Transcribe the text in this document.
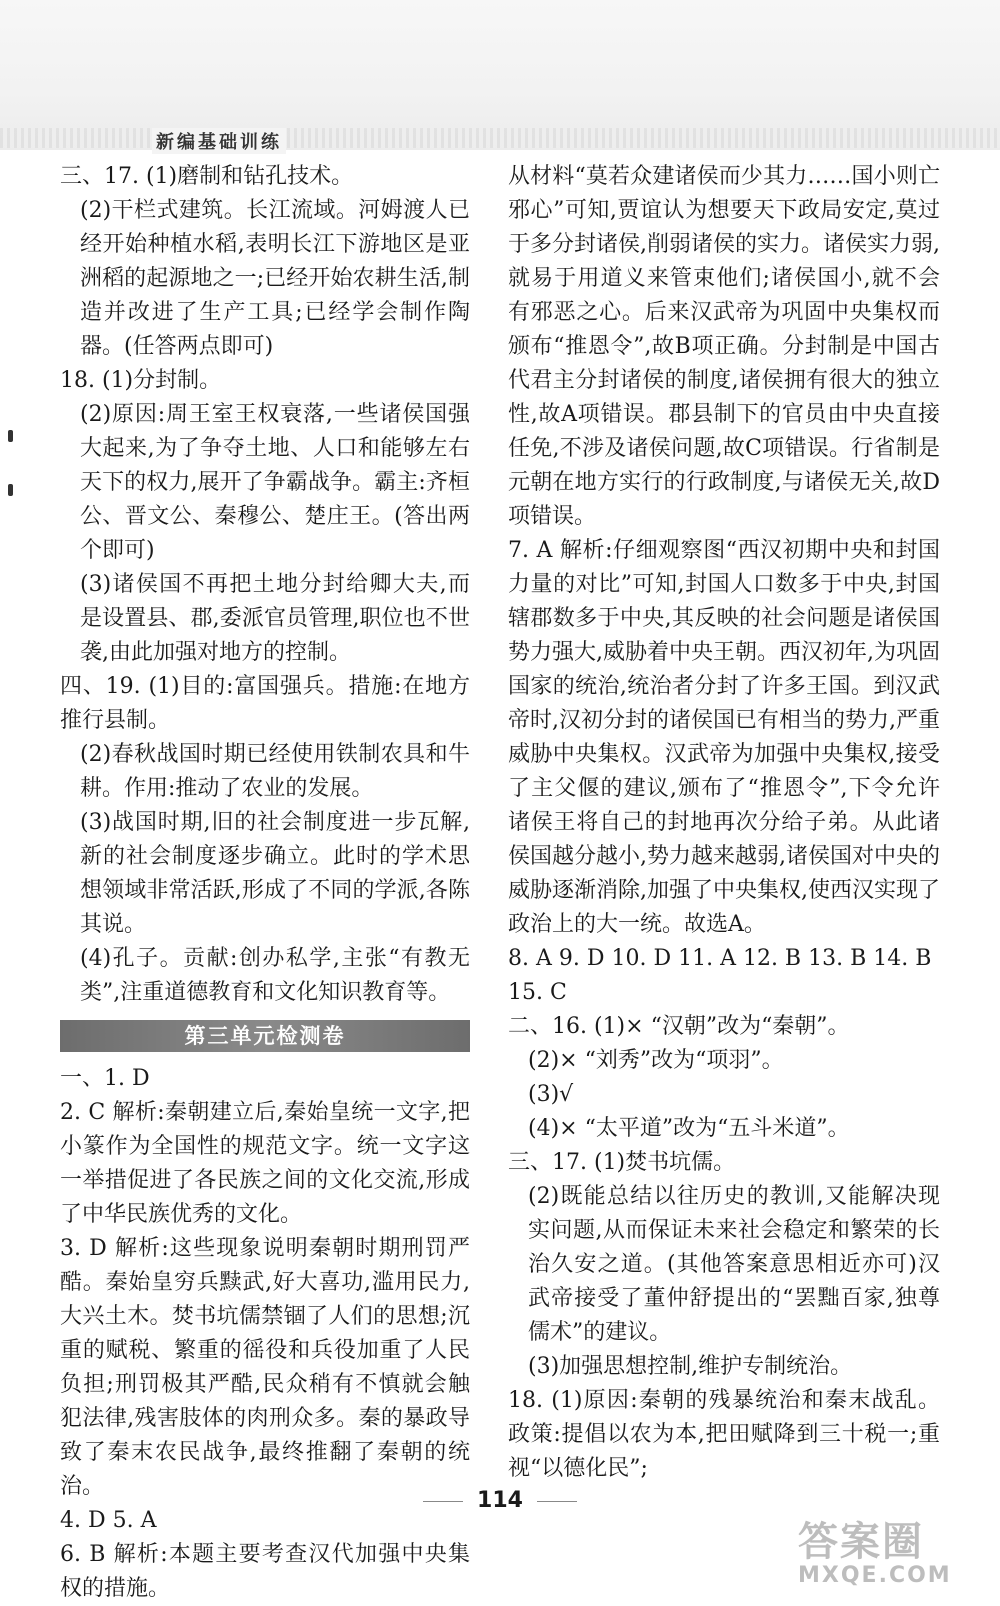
新编基础训练

三、17. (1)磨制和钻孔技术。

(2)干栏式建筑。长江流域。河姆渡人已经开始种植水稻,表明长江下游地区是亚洲稻的起源地之一;已经开始农耕生活,制造并改进了生产工具;已经学会制作陶器。(任答两点即可)

18. (1)分封制。

(2)原因:周王室王权衰落,一些诸侯国强大起来,为了争夺土地、人口和能够左右天下的权力,展开了争霸战争。霸主:齐桓公、晋文公、秦穆公、楚庄王。(答出两个即可)

(3)诸侯国不再把土地分封给卿大夫,而是设置县、郡,委派官员管理,职位也不世袭,由此加强对地方的控制。

四、19. (1)目的:富国强兵。措施:在地方推行县制。

(2)春秋战国时期已经使用铁制农具和牛耕。作用:推动了农业的发展。

(3)战国时期,旧的社会制度进一步瓦解,新的社会制度逐步确立。此时的学术思想领域非常活跃,形成了不同的学派,各陈其说。

(4)孔子。贡献:创办私学,主张“有教无类”,注重道德教育和文化知识教育等。

第三单元检测卷

一、1. D

2. C 解析:秦朝建立后,秦始皇统一文字,把小篆作为全国性的规范文字。统一文字这一举措促进了各民族之间的文化交流,形成了中华民族优秀的文化。

3. D 解析:这些现象说明秦朝时期刑罚严酷。秦始皇穷兵黩武,好大喜功,滥用民力,大兴土木。焚书坑儒禁锢了人们的思想;沉重的赋税、繁重的徭役和兵役加重了人民负担;刑罚极其严酷,民众稍有不慎就会触犯法律,残害肢体的肉刑众多。秦的暴政导致了秦末农民战争,最终推翻了秦朝的统治。

4. D 5. A

6. B 解析:本题主要考查汉代加强中央集权的措施。

从材料“莫若众建诸侯而少其力……国小则亡邪心”可知,贾谊认为想要天下政局安定,莫过于多分封诸侯,削弱诸侯的实力。诸侯实力弱,就易于用道义来管束他们;诸侯国小,就不会有邪恶之心。后来汉武帝为巩固中央集权而颁布“推恩令”,故B项正确。分封制是中国古代君主分封诸侯的制度,诸侯拥有很大的独立性,故A项错误。郡县制下的官员由中央直接任免,不涉及诸侯问题,故C项错误。行省制是元朝在地方实行的行政制度,与诸侯无关,故D项错误。

7. A 解析:仔细观察图“西汉初期中央和封国力量的对比”可知,封国人口数多于中央,封国辖郡数多于中央,其反映的社会问题是诸侯国势力强大,威胁着中央王朝。西汉初年,为巩固国家的统治,统治者分封了许多王国。到汉武帝时,汉初分封的诸侯国已有相当的势力,严重威胁中央集权。汉武帝为加强中央集权,接受了主父偃的建议,颁布了“推恩令”,下令允许诸侯王将自己的封地再次分给子弟。从此诸侯国越分越小,势力越来越弱,诸侯国对中央的威胁逐渐消除,加强了中央集权,使西汉实现了政治上的大一统。故选A。

8. A 9. D 10. D 11. A 12. B 13. B 14. B

15. C

二、16. (1)× “汉朝”改为“秦朝”。

(2)× “刘秀”改为“项羽”。

(3)√

(4)× “太平道”改为“五斗米道”。

三、17. (1)焚书坑儒。

(2)既能总结以往历史的教训,又能解决现实问题,从而保证未来社会稳定和繁荣的长治久安之道。(其他答案意思相近亦可)汉武帝接受了董仲舒提出的“罢黜百家,独尊儒术”的建议。

(3)加强思想控制,维护专制统治。

18. (1)原因:秦朝的残暴统治和秦末战乱。政策:提倡以农为本,把田赋降到三十税一;重视“以德化民”;

114
答案圈
MXQE.COM
